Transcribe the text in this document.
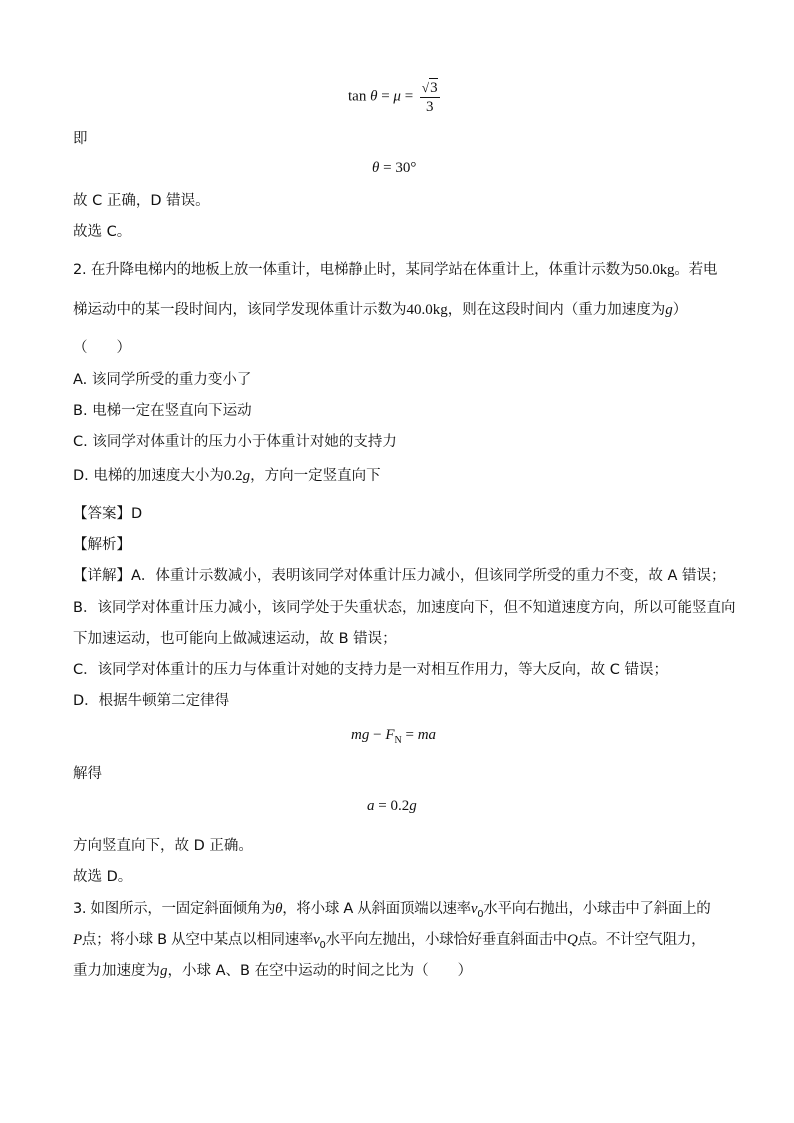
$\tan \theta = \mu = \frac{√3}{3}$
即
θ = 30°
故 C 正确，D 错误。
故选 C。
2. 在升降电梯内的地板上放一体重计，电梯静止时，某同学站在体重计上，体重计示数为50.0kg。若电
梯运动中的某一段时间内，该同学发现体重计示数为40.0kg，则在这段时间内（重力加速度为g）
（　　）
A. 该同学所受的重力变小了
B. 电梯一定在竖直向下运动
C. 该同学对体重计的压力小于体重计对她的支持力
D. 电梯的加速度大小为0.2g，方向一定竖直向下
【答案】D
【解析】
【详解】A．体重计示数减小，表明该同学对体重计压力减小，但该同学所受的重力不变，故 A 错误；
B．该同学对体重计压力减小，该同学处于失重状态，加速度向下，但不知道速度方向，所以可能竖直向
下加速运动，也可能向上做减速运动，故 B 错误；
C．该同学对体重计的压力与体重计对她的支持力是一对相互作用力，等大反向，故 C 错误；
D．根据牛顿第二定律得
mg − $F_N$ = ma
解得
a = 0.2g
方向竖直向下，故 D 正确。
故选 D。
3. 如图所示，一固定斜面倾角为θ，将小球 A 从斜面顶端以速率$v_0$水平向右抛出，小球击中了斜面上的
P点；将小球 B 从空中某点以相同速率$v_0$水平向左抛出，小球恰好垂直斜面击中Q点。不计空气阻力，
重力加速度为g，小球 A、B 在空中运动的时间之比为（　　）
